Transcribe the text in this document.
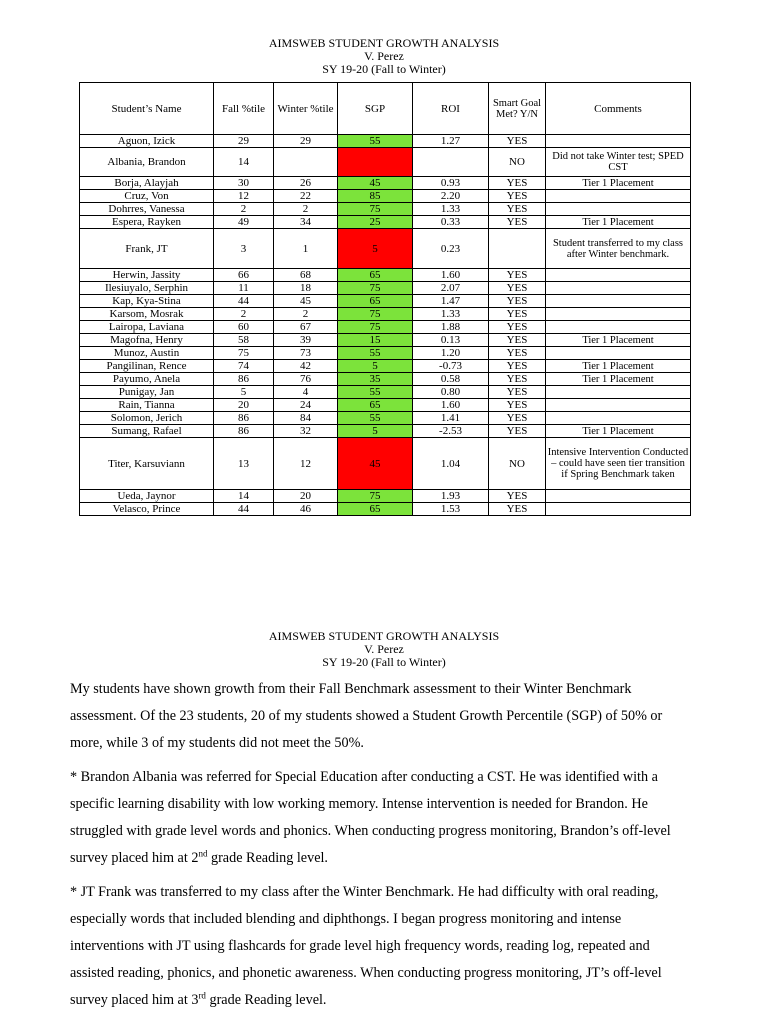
AIMSWEB STUDENT GROWTH ANALYSIS
V. Perez
SY 19-20 (Fall to Winter)
Student’s Name	Fall %tile	Winter %tile	SGP	ROI	Smart Goal Met? Y/N	Comments
Aguon, Izick	29	29	55	1.27	YES	
Albania, Brandon	14				NO	Did not take Winter test; SPED CST
Borja, Alayjah	30	26	45	0.93	YES	Tier 1 Placement
Cruz, Von	12	22	85	2.20	YES	
Dohrres, Vanessa	2	2	75	1.33	YES	
Espera, Rayken	49	34	25	0.33	YES	Tier 1 Placement
Frank, JT	3	1	5	0.23		Student transferred to my class after Winter benchmark.
Herwin, Jassity	66	68	65	1.60	YES	
Ilesiuyalo, Serphin	11	18	75	2.07	YES	
Kap, Kya-Stina	44	45	65	1.47	YES	
Karsom, Mosrak	2	2	75	1.33	YES	
Lairopa, Laviana	60	67	75	1.88	YES	
Magofna, Henry	58	39	15	0.13	YES	Tier 1 Placement
Munoz, Austin	75	73	55	1.20	YES	
Pangilinan, Rence	74	42	5	-0.73	YES	Tier 1 Placement
Payumo, Anela	86	76	35	0.58	YES	Tier 1 Placement
Punigay, Jan	5	4	55	0.80	YES	
Rain, Tianna	20	24	65	1.60	YES	
Solomon, Jerich	86	84	55	1.41	YES	
Sumang, Rafael	86	32	5	-2.53	YES	Tier 1 Placement
Titer, Karsuvіann	13	12	45	1.04	NO	Intensive Intervention Conducted – could have seen tier transition if Spring Benchmark taken
Ueda, Jaynor	14	20	75	1.93	YES	
Velasco, Prince	44	46	65	1.53	YES	
AIMSWEB STUDENT GROWTH ANALYSIS
V. Perez
SY 19-20 (Fall to Winter)

My students have shown growth from their Fall Benchmark assessment to their Winter Benchmark assessment. Of the 23 students, 20 of my students showed a Student Growth Percentile (SGP) of 50% or more, while 3 of my students did not meet the 50%.

* Brandon Albania was referred for Special Education after conducting a CST. He was identified with a specific learning disability with low working memory. Intense intervention is needed for Brandon. He struggled with grade level words and phonics. When conducting progress monitoring, Brandon’s off-level survey placed him at 2nd grade Reading level.

* JT Frank was transferred to my class after the Winter Benchmark. He had difficulty with oral reading, especially words that included blending and diphthongs. I began progress monitoring and intense interventions with JT using flashcards for grade level high frequency words, reading log, repeated and assisted reading, phonics, and phonetic awareness. When conducting progress monitoring, JT’s off-level survey placed him at 3rd grade Reading level.
